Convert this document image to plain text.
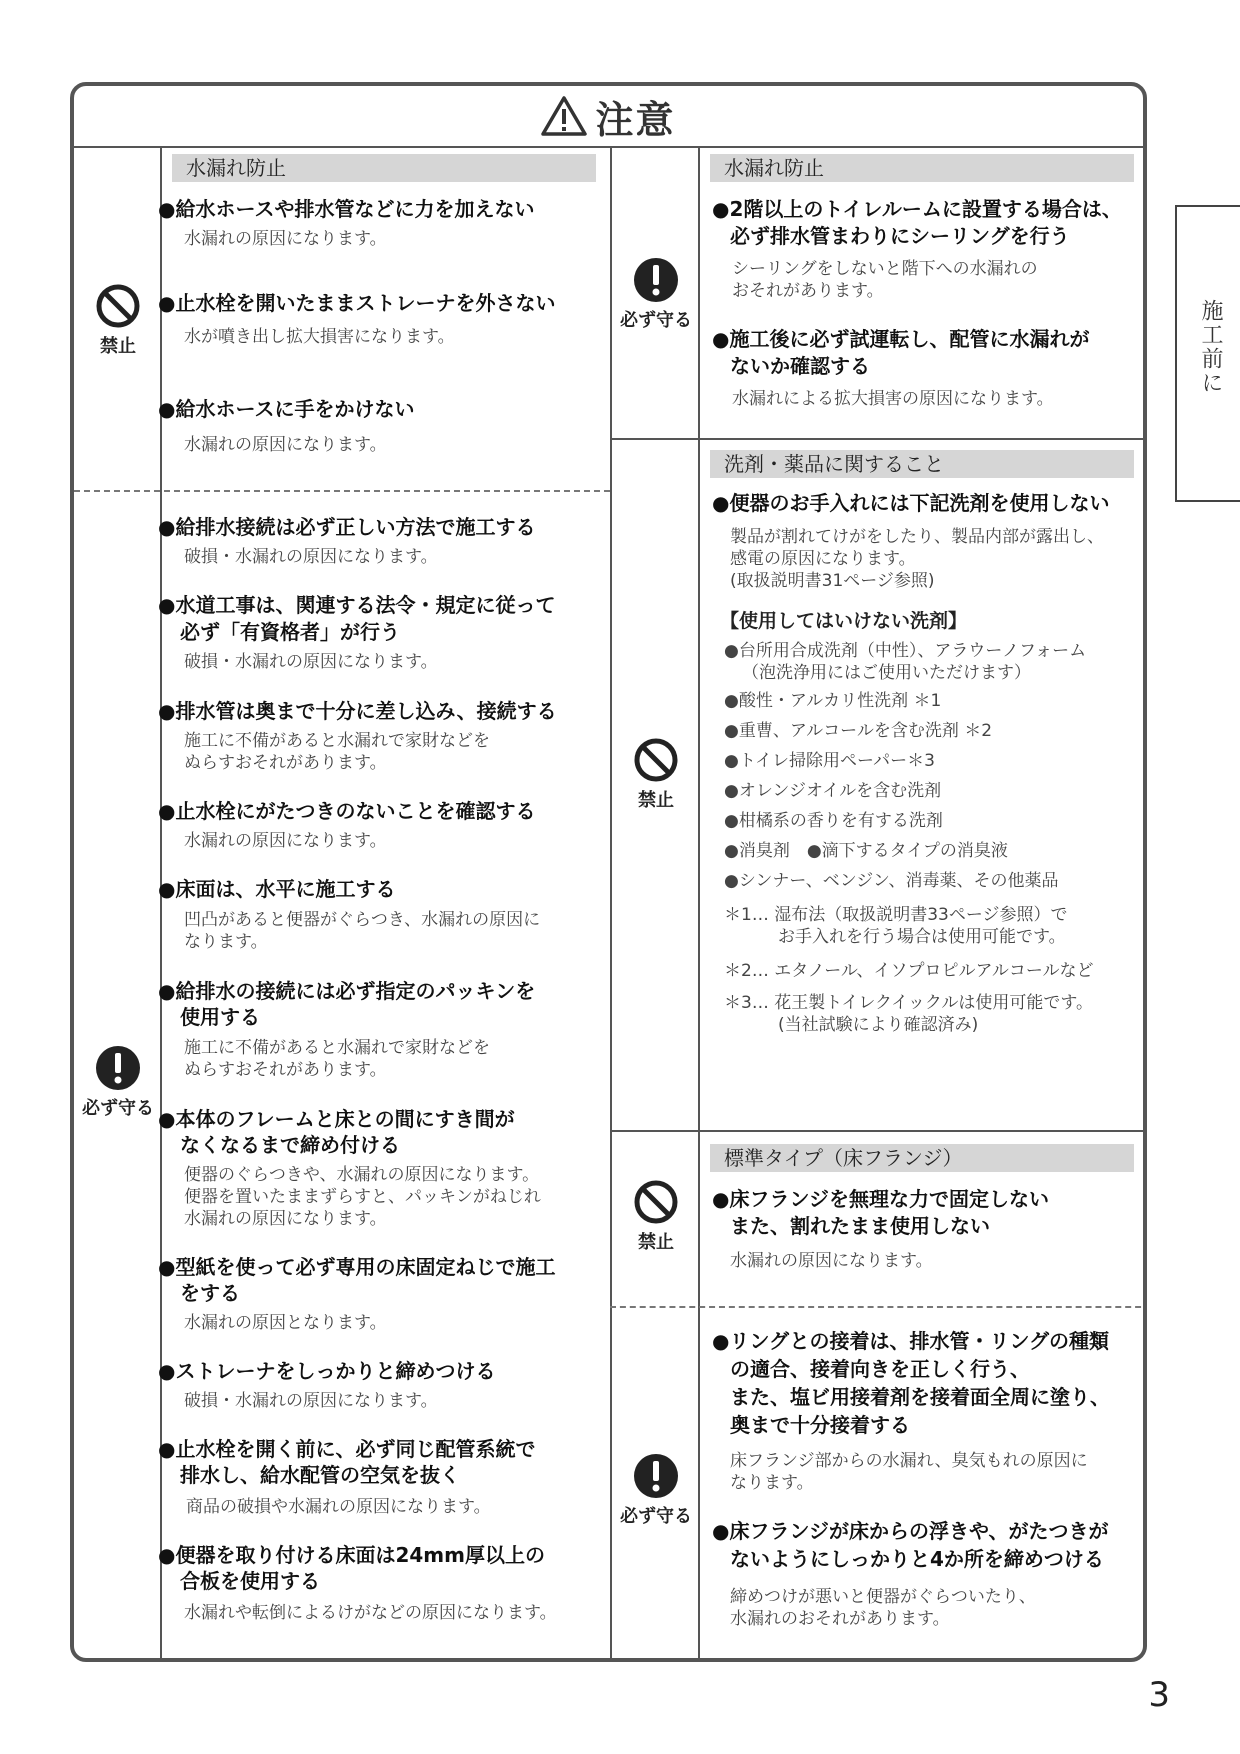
注意
禁止
必ず守る
必ず守る
禁止
禁止
必ず守る
水漏れ防止
●給水ホースや排水管などに力を加えない
水漏れの原因になります。
●止水栓を開いたままストレーナを外さない
水が噴き出し拡大損害になります。
●給水ホースに手をかけない
水漏れの原因になります。
●給排水接続は必ず正しい方法で施工する
破損・水漏れの原因になります。
●水道工事は、関連する法令・規定に従って
必ず「有資格者」が行う
破損・水漏れの原因になります。
●排水管は奥まで十分に差し込み、接続する
施工に不備があると水漏れで家財などを
ぬらすおそれがあります。
●止水栓にがたつきのないことを確認する
水漏れの原因になります。
●床面は、水平に施工する
凹凸があると便器がぐらつき、水漏れの原因に
なります。
●給排水の接続には必ず指定のパッキンを
使用する
施工に不備があると水漏れで家財などを
ぬらすおそれがあります。
●本体のフレームと床との間にすき間が
なくなるまで締め付ける
便器のぐらつきや、水漏れの原因になります。
便器を置いたままずらすと、パッキンがねじれ
水漏れの原因になります。
●型紙を使って必ず専用の床固定ねじで施工
をする
水漏れの原因となります。
●ストレーナをしっかりと締めつける
破損・水漏れの原因になります。
●止水栓を開く前に、必ず同じ配管系統で
排水し、給水配管の空気を抜く
商品の破損や水漏れの原因になります。
●便器を取り付ける床面は24mm厚以上の
合板を使用する
水漏れや転倒によるけがなどの原因になります。
水漏れ防止
●2階以上のトイレルームに設置する場合は、
必ず排水管まわりにシーリングを行う
シーリングをしないと階下への水漏れの
おそれがあります。
●施工後に必ず試運転し、配管に水漏れが
ないか確認する
水漏れによる拡大損害の原因になります。
洗剤・薬品に関すること
●便器のお手入れには下記洗剤を使用しない
製品が割れてけがをしたり、製品内部が露出し、
感電の原因になります。
(取扱説明書31ページ参照)
【使用してはいけない洗剤】
●台所用合成洗剤（中性）、アラウーノフォーム
（泡洗浄用にはご使用いただけます）
●酸性・アルカリ性洗剤 ＊1
●重曹、アルコールを含む洗剤 ＊2
●トイレ掃除用ペーパー＊3
●オレンジオイルを含む洗剤
●柑橘系の香りを有する洗剤
●消臭剤　●滴下するタイプの消臭液
●シンナー、ベンジン、消毒薬、その他薬品
＊1… 湿布法（取扱説明書33ページ参照）で
お手入れを行う場合は使用可能です。
＊2… エタノール、イソプロピルアルコールなど
＊3… 花王製トイレクイックルは使用可能です。
(当社試験により確認済み)
標準タイプ（床フランジ）
●床フランジを無理な力で固定しない
また、割れたまま使用しない
水漏れの原因になります。
●リングとの接着は、排水管・リングの種類
の適合、接着向きを正しく行う、
また、塩ビ用接着剤を接着面全周に塗り、
奥まで十分接着する
床フランジ部からの水漏れ、臭気もれの原因に
なります。
●床フランジが床からの浮きや、がたつきが
ないようにしっかりと4か所を締めつける
締めつけが悪いと便器がぐらついたり、
水漏れのおそれがあります。
施工前に
3
